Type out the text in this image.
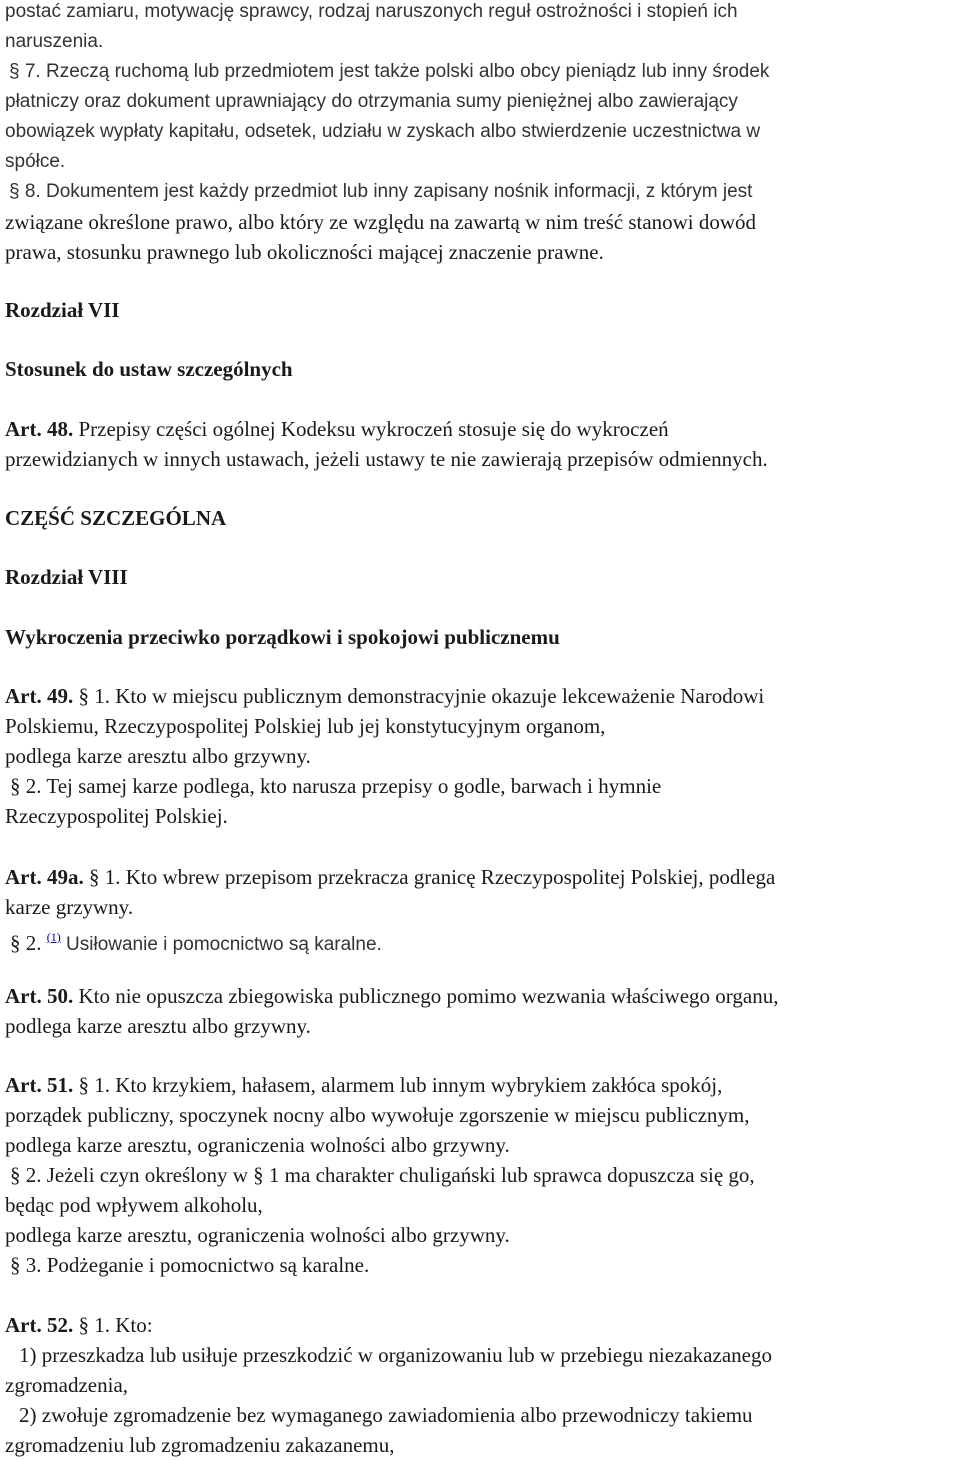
postać zamiaru, motywację sprawcy, rodzaj naruszonych reguł ostrożności i stopień ich
naruszenia.
§ 7. Rzeczą ruchomą lub przedmiotem jest także polski albo obcy pieniądz lub inny środek
płatniczy oraz dokument uprawniający do otrzymania sumy pieniężnej albo zawierający
obowiązek wypłaty kapitału, odsetek, udziału w zyskach albo stwierdzenie uczestnictwa w
spółce.
§ 8. Dokumentem jest każdy przedmiot lub inny zapisany nośnik informacji, z którym jest
związane określone prawo, albo który ze względu na zawartą w nim treść stanowi dowód
prawa, stosunku prawnego lub okoliczności mającej znaczenie prawne.
Rozdział VII
Stosunek do ustaw szczególnych
Art. 48. Przepisy części ogólnej Kodeksu wykroczeń stosuje się do wykroczeń
przewidzianych w innych ustawach, jeżeli ustawy te nie zawierają przepisów odmiennych.
CZĘŚĆ SZCZEGÓLNA
Rozdział VIII
Wykroczenia przeciwko porządkowi i spokojowi publicznemu
Art. 49. § 1. Kto w miejscu publicznym demonstracyjnie okazuje lekceważenie Narodowi
Polskiemu, Rzeczypospolitej Polskiej lub jej konstytucyjnym organom,
podlega karze aresztu albo grzywny.
§ 2. Tej samej karze podlega, kto narusza przepisy o godle, barwach i hymnie
Rzeczypospolitej Polskiej.
Art. 49a. § 1. Kto wbrew przepisom przekracza granicę Rzeczypospolitej Polskiej, podlega
karze grzywny.
§ 2. $^{(1)}$ Usiłowanie i pomocnictwo są karalne.
Art. 50. Kto nie opuszcza zbiegowiska publicznego pomimo wezwania właściwego organu,
podlega karze aresztu albo grzywny.
Art. 51. § 1. Kto krzykiem, hałasem, alarmem lub innym wybrykiem zakłóca spokój,
porządek publiczny, spoczynek nocny albo wywołuje zgorszenie w miejscu publicznym,
podlega karze aresztu, ograniczenia wolności albo grzywny.
§ 2. Jeżeli czyn określony w § 1 ma charakter chuligański lub sprawca dopuszcza się go,
będąc pod wpływem alkoholu,
podlega karze aresztu, ograniczenia wolności albo grzywny.
§ 3. Podżeganie i pomocnictwo są karalne.
Art. 52. § 1. Kto:
1) przeszkadza lub usiłuje przeszkodzić w organizowaniu lub w przebiegu niezakazanego
zgromadzenia,
2) zwołuje zgromadzenie bez wymaganego zawiadomienia albo przewodniczy takiemu
zgromadzeniu lub zgromadzeniu zakazanemu,
